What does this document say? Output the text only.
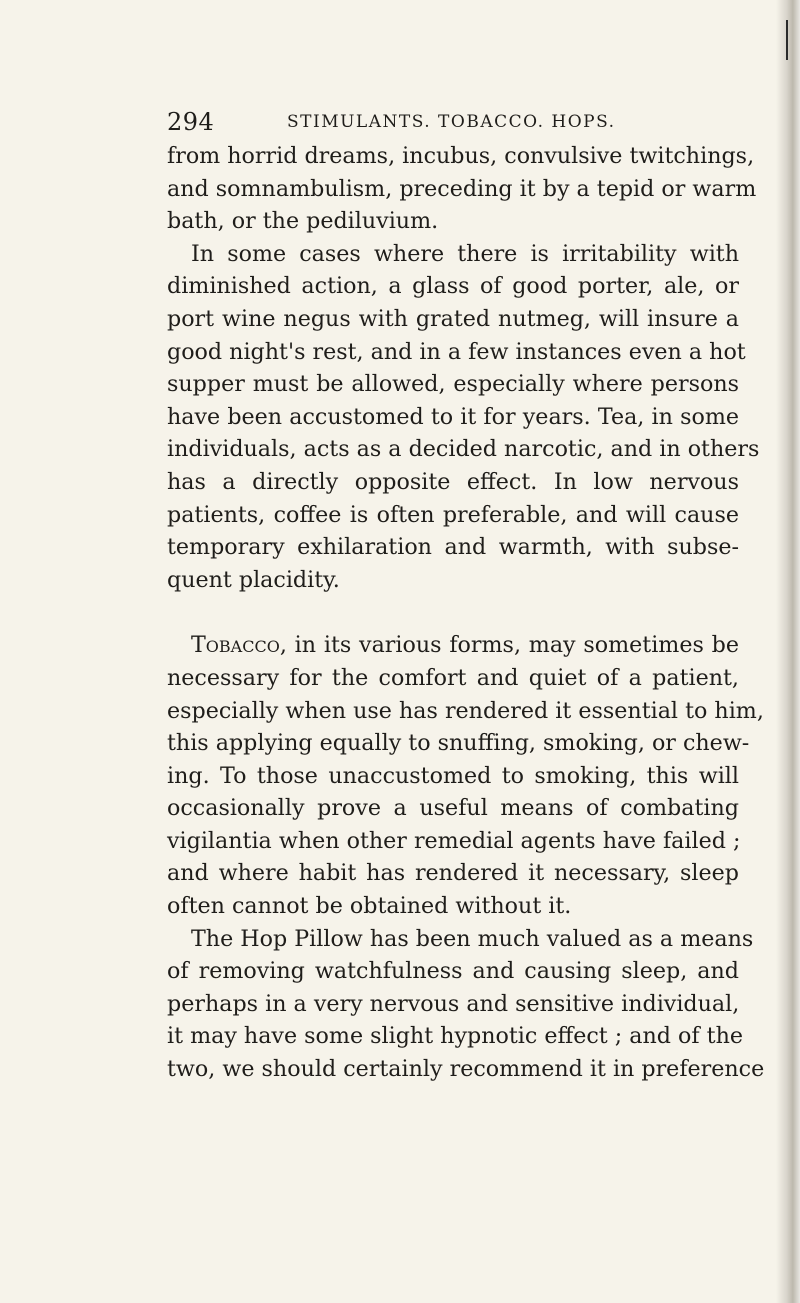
294	STIMULANTS. TOBACCO. HOPS.
from horrid dreams, incubus, convulsive twitchings,
and somnambulism, preceding it by a tepid or warm
bath, or the pediluvium.
In some cases where there is irritability with
diminished action, a glass of good porter, ale, or
port wine negus with grated nutmeg, will insure a
good night's rest, and in a few instances even a hot
supper must be allowed, especially where persons
have been accustomed to it for years. Tea, in some
individuals, acts as a decided narcotic, and in others
has a directly opposite effect. In low nervous
patients, coffee is often preferable, and will cause
temporary exhilaration and warmth, with subse-
quent placidity.
Tobacco, in its various forms, may sometimes be
necessary for the comfort and quiet of a patient,
especially when use has rendered it essential to him,
this applying equally to snuffing, smoking, or chew-
ing. To those unaccustomed to smoking, this will
occasionally prove a useful means of combating
vigilantia when other remedial agents have failed ;
and where habit has rendered it necessary, sleep
often cannot be obtained without it.
The Hop Pillow has been much valued as a means
of removing watchfulness and causing sleep, and
perhaps in a very nervous and sensitive individual,
it may have some slight hypnotic effect ; and of the
two, we should certainly recommend it in preference
